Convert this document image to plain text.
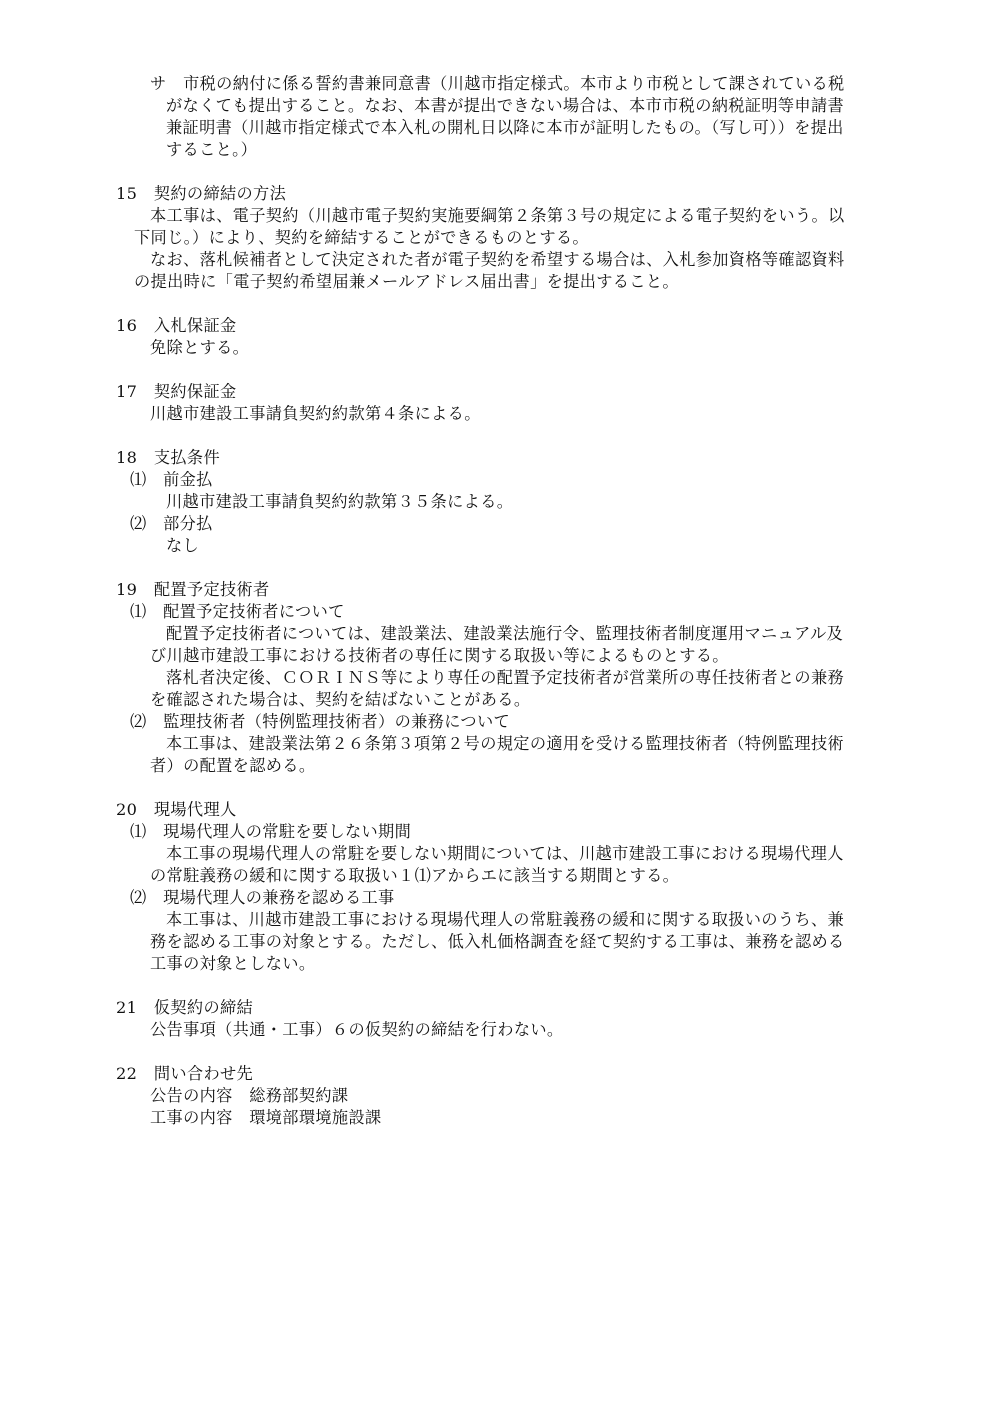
サ　市税の納付に係る誓約書兼同意書（川越市指定様式。本市より市税として課されている税
がなくても提出すること。なお、本書が提出できない場合は、本市市税の納税証明等申請書
兼証明書（川越市指定様式で本入札の開札日以降に本市が証明したもの。（写し可））を提出
すること。）
15　契約の締結の方法
本工事は、電子契約（川越市電子契約実施要綱第２条第３号の規定による電子契約をいう。以
下同じ。）により、契約を締結することができるものとする。
なお、落札候補者として決定された者が電子契約を希望する場合は、入札参加資格等確認資料
の提出時に「電子契約希望届兼メールアドレス届出書」を提出すること。
16　入札保証金
免除とする。
17　契約保証金
川越市建設工事請負契約約款第４条による。
18　支払条件
⑴　前金払
川越市建設工事請負契約約款第３５条による。
⑵　部分払
なし
19　配置予定技術者
⑴　配置予定技術者について
配置予定技術者については、建設業法、建設業法施行令、監理技術者制度運用マニュアル及
び川越市建設工事における技術者の専任に関する取扱い等によるものとする。
落札者決定後、ＣＯＲＩＮＳ等により専任の配置予定技術者が営業所の専任技術者との兼務
を確認された場合は、契約を結ばないことがある。
⑵　監理技術者（特例監理技術者）の兼務について
本工事は、建設業法第２６条第３項第２号の規定の適用を受ける監理技術者（特例監理技術
者）の配置を認める。
20　現場代理人
⑴　現場代理人の常駐を要しない期間
本工事の現場代理人の常駐を要しない期間については、川越市建設工事における現場代理人
の常駐義務の緩和に関する取扱い１⑴アからエに該当する期間とする。
⑵　現場代理人の兼務を認める工事
本工事は、川越市建設工事における現場代理人の常駐義務の緩和に関する取扱いのうち、兼
務を認める工事の対象とする。ただし、低入札価格調査を経て契約する工事は、兼務を認める
工事の対象としない。
21　仮契約の締結
公告事項（共通・工事）６の仮契約の締結を行わない。
22　問い合わせ先
公告の内容　総務部契約課
工事の内容　環境部環境施設課
